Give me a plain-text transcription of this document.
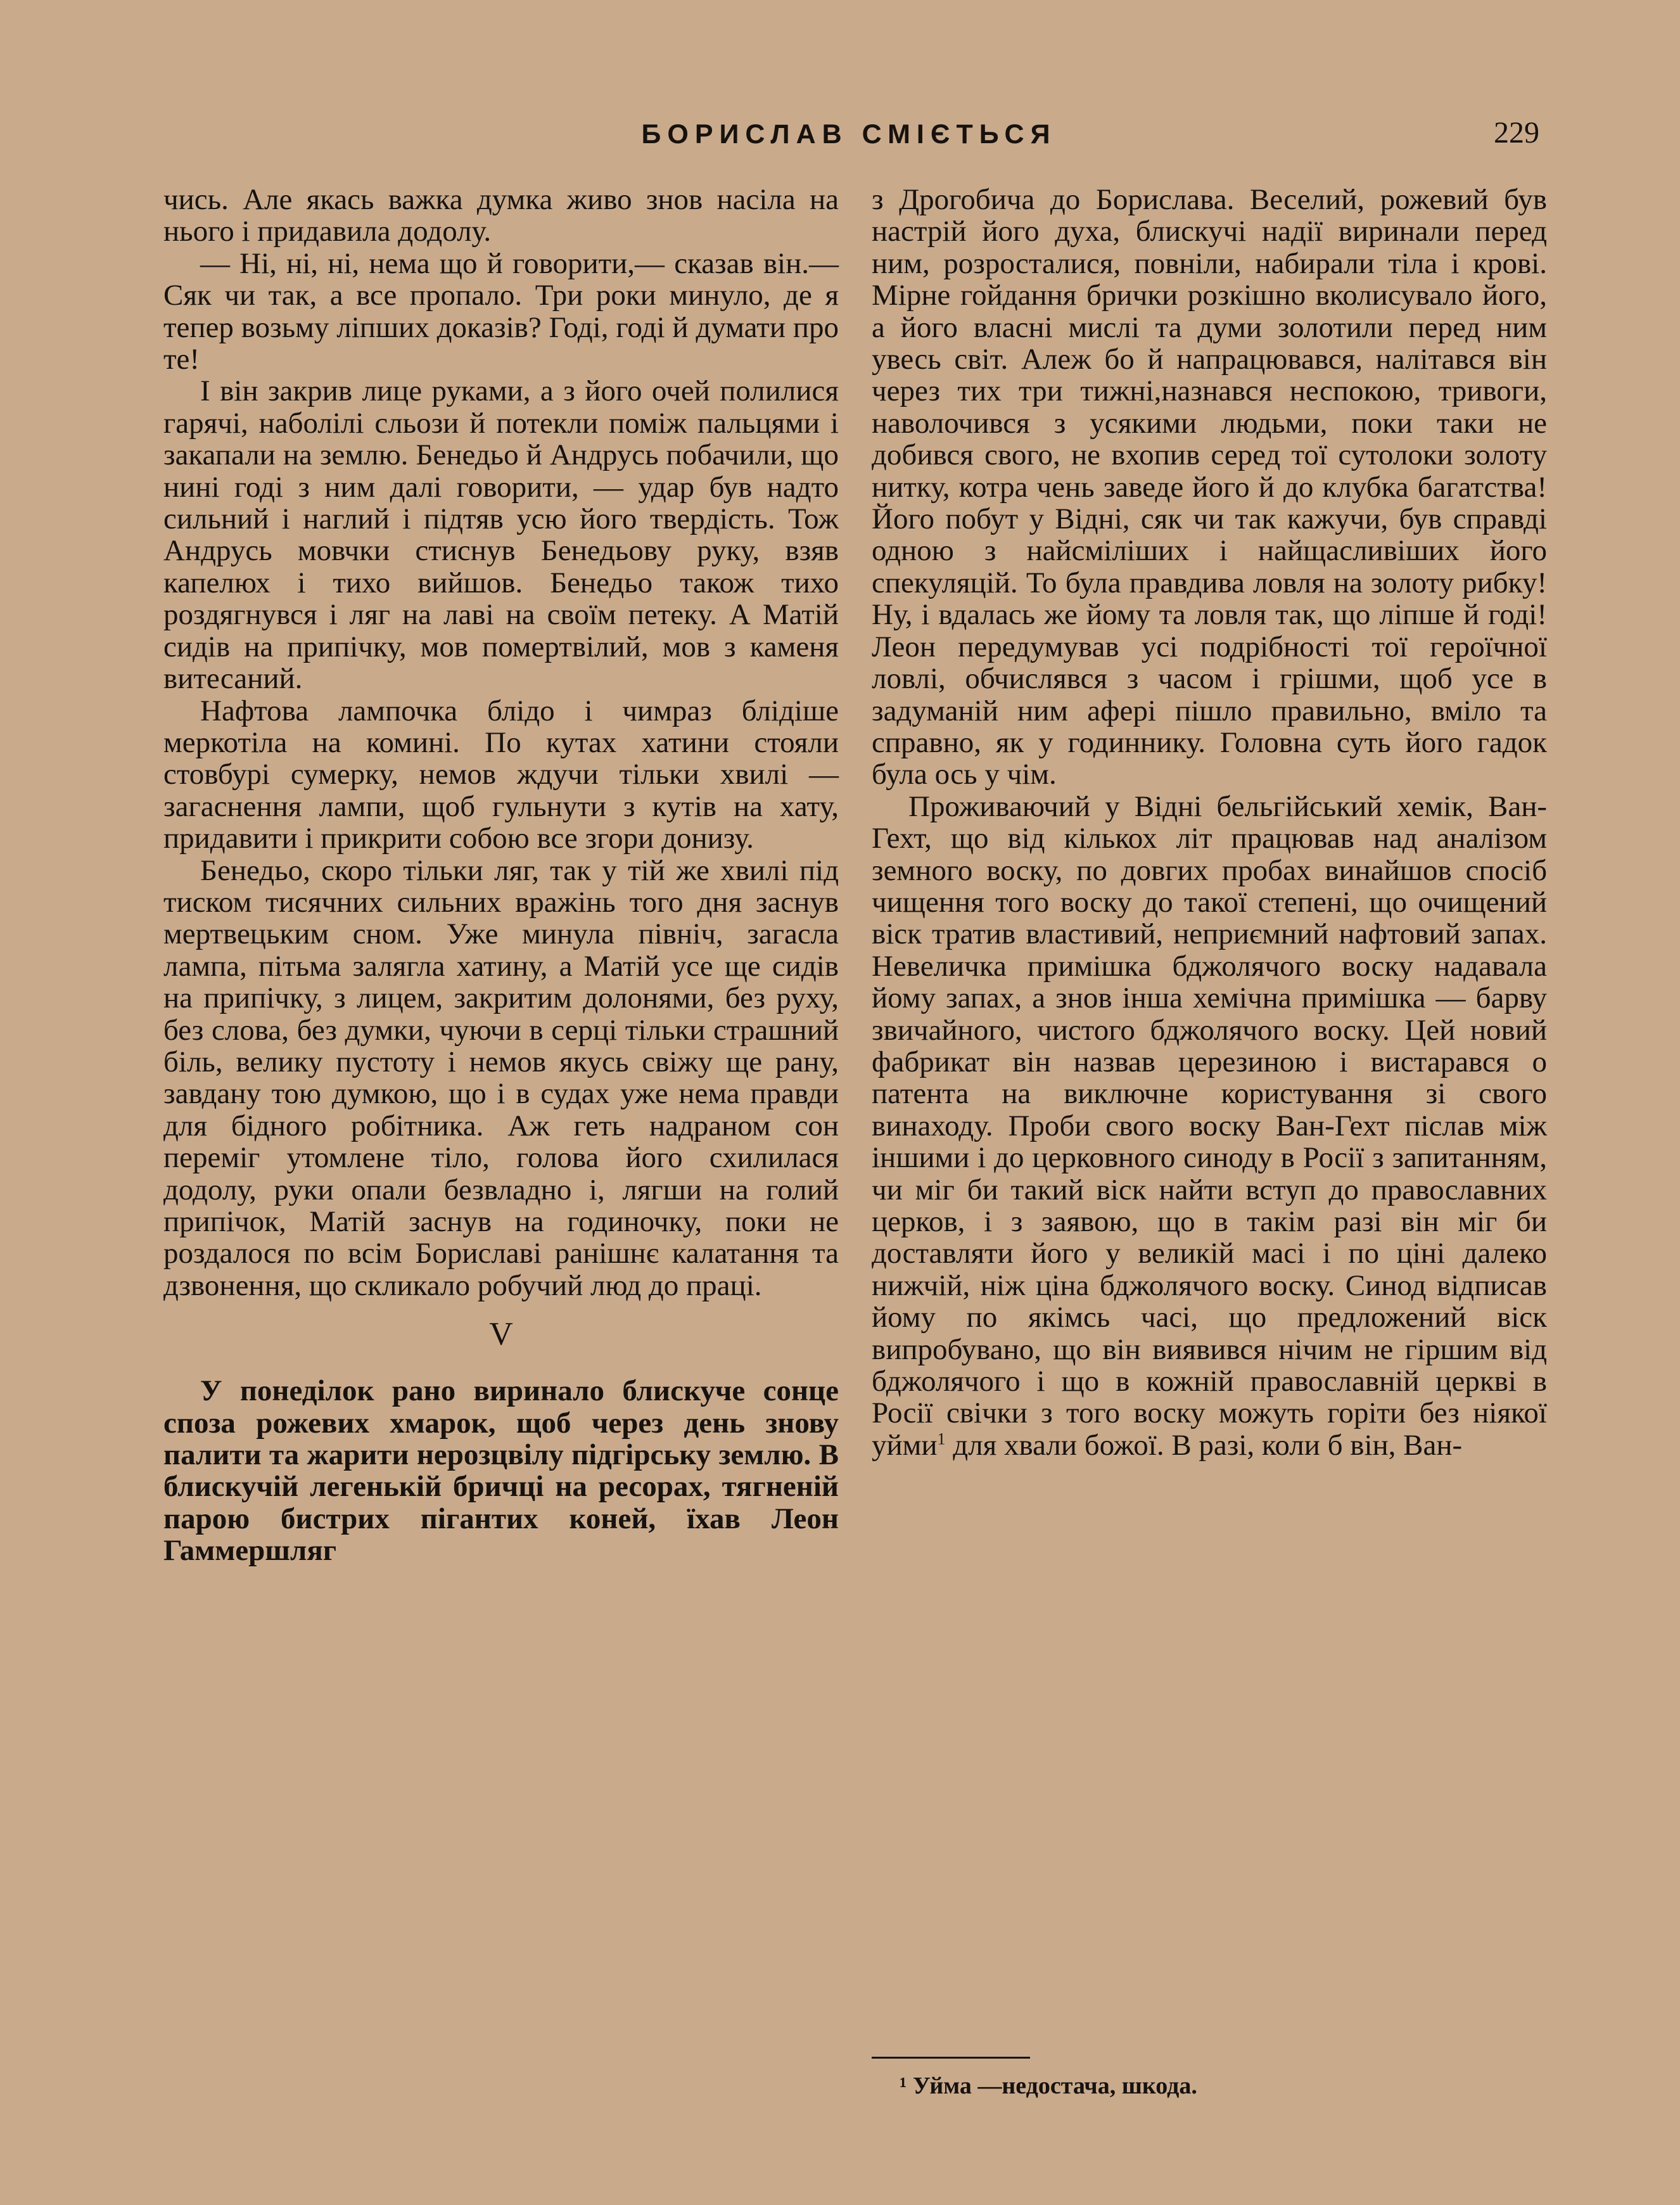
БОРИСЛАВ СМІЄТЬСЯ	229

чись. Але якась важка думка живо знов насіла на нього і придавила додолу.

— Ні, ні, ні, нема що й говорити,— сказав він.— Сяк чи так, а все пропало. Три роки минуло, де я тепер возьму ліпших доказів? Годі, годі й думати про те!

І він закрив лице руками, а з його очей полилися гарячі, наболілі сльози й потекли поміж пальцями і закапали на землю. Бенедьо й Андрусь побачили, що нині годі з ним далі говорити, — удар був надто сильний і наглий і підтяв усю його твердість. Тож Андрусь мовчки стиснув Бенедьову руку, взяв капелюх і тихо вийшов. Бенедьо також тихо роздягнувся і ляг на лаві на своїм петеку. А Матій сидів на припічку, мов помертвілий, мов з каменя витесаний.

Нафтова лампочка блідо і чимраз блідіше меркотіла на комині. По кутах хатини стояли стовбурі сумерку, немов ждучи тільки хвилі — загаснення лампи, щоб гульнути з кутів на хату, придавити і прикрити собою все згори донизу.

Бенедьо, скоро тільки ляг, так у тій же хвилі під тиском тисячних сильних вражінь того дня заснув мертвецьким сном. Уже минула північ, загасла лампа, пітьма залягла хатину, а Матій усе ще сидів на припічку, з лицем, закритим долонями, без руху, без слова, без думки, чуючи в серці тільки страшний біль, велику пустоту і немов якусь свіжу ще рану, завдану тою думкою, що і в судах уже нема правди для бідного робітника. Аж геть надраном сон переміг утомлене тіло, голова його схилилася додолу, руки опали безвладно і, лягши на голий припічок, Матій заснув на годиночку, поки не роздалося по всім Бориславі ранішнє калатання та дзвонення, що скликало робучий люд до праці.

V

У понеділок рано виринало блискуче сонце споза рожевих хмарок, щоб через день знову палити та жарити нерозцвілу підгірську землю. В блискучій легенькій бричці на ресорах, тягненій парою бистрих пігантих коней, їхав Леон Гаммершляг

з Дрогобича до Борислава. Веселий, рожевий був настрій його духа, блискучі надії виринали перед ним, розросталися, повніли, набирали тіла і крові. Мірне гойдання брички розкішно вколисувало його, а його власні мислі та думи золотили перед ним увесь світ. Алеж бо й напрацювався, налітався він через тих три тижні,назнався неспокою, тривоги, наволочився з усякими людьми, поки таки не добився свого, не вхопив серед тої сутолоки золоту нитку, котра чень заведе його й до клубка багатства! Його побут у Відні, сяк чи так кажучи, був справді одною з найсміліших і найщасливіших його спекуляцій. То була правдива ловля на золоту рибку! Ну, і вдалась же йому та ловля так, що ліпше й годі! Леон передумував усі подрібності тої героїчної ловлі, обчислявся з часом і грішми, щоб усе в задуманій ним афері пішло правильно, вміло та справно, як у годиннику. Головна суть його гадок була ось у чім.

Проживаючий у Відні бельгійський хемік, Ван-Гехт, що від кількох літ працював над аналізом земного воску, по довгих пробах винайшов спосіб чищення того воску до такої степені, що очищений віск тратив властивий, неприємний нафтовий запах. Невеличка примішка бджолячого воску надавала йому запах, а знов інша хемічна примішка — барву звичайного, чистого бджолячого воску. Цей новий фабрикат він назвав церезиною і вистарався о патента на виключне користування зі свого винаходу. Проби свого воску Ван-Гехт післав між іншими і до церковного синоду в Росії з запитанням, чи міг би такий віск найти вступ до православних церков, і з заявою, що в такім разі він міг би доставляти його у великій масі і по ціні далеко нижчій, ніж ціна бджолячого воску. Синод відписав йому по якімсь часі, що предложений віск випробувано, що він виявився нічим не гіршим від бджолячого і що в кожній православній церкві в Росії свічки з того воску можуть горіти без ніякої уйми$^1$ для хвали божої. В разі, коли б він, Ван-

¹ Уйма —недостача, шкода.
